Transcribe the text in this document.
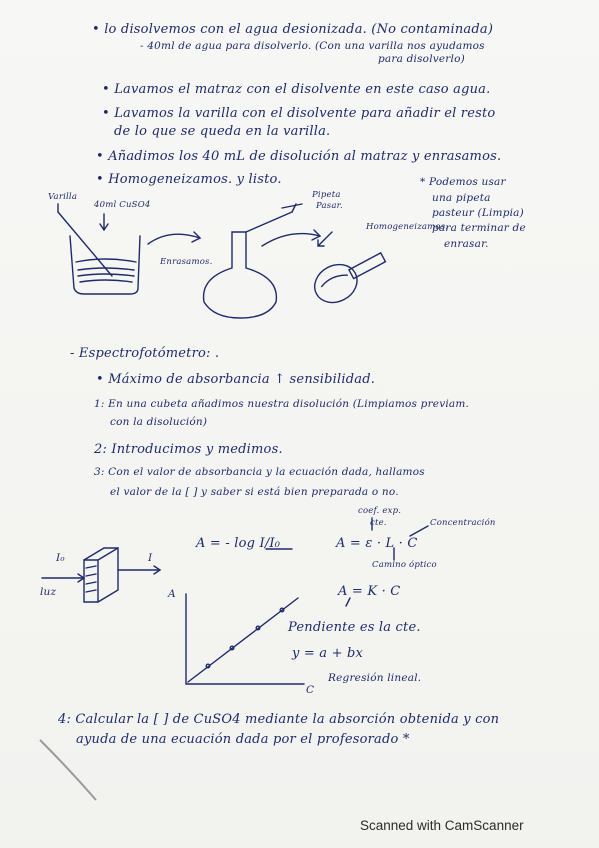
• lo disolvemos con el agua desionizada. (No contaminada)
- 40ml de agua para disolverlo. (Con una varilla nos ayudamos
para disolverlo)
• Lavamos el matraz con el disolvente en este caso agua.
• Lavamos la varilla con el disolvente para añadir el resto
de lo que se queda en la varilla.
• Añadimos los 40 mL de disolución al matraz y enrasamos.
• Homogeneizamos. y listo.
Varilla
40ml CuSO4
Enrasamos.
Pipeta
Pasar.
Homogeneizamos.
* Podemos usar
una pipeta
pasteur (Limpia)
para terminar de
enrasar.
- Espectrofotómetro: .
• Máximo de absorbancia ↑ sensibilidad.
1: En una cubeta añadimos nuestra disolución (Limpiamos previam.
con la disolución)
2: Introducimos y medimos.
3: Con el valor de absorbancia y la ecuación dada, hallamos
el valor de la [ ] y saber si está bien preparada o no.
I₀	I
luz
A = - log I/I₀	A = ε · L · C
coef. exp.
cte.	Concentración
Camino óptico
A = K · C
A
C
Pendiente es la cte.
y = a + bx
Regresión lineal.
4: Calcular la [ ] de CuSO4 mediante la absorción obtenida y con
ayuda de una ecuación dada por el profesorado *
Scanned with CamScanner
